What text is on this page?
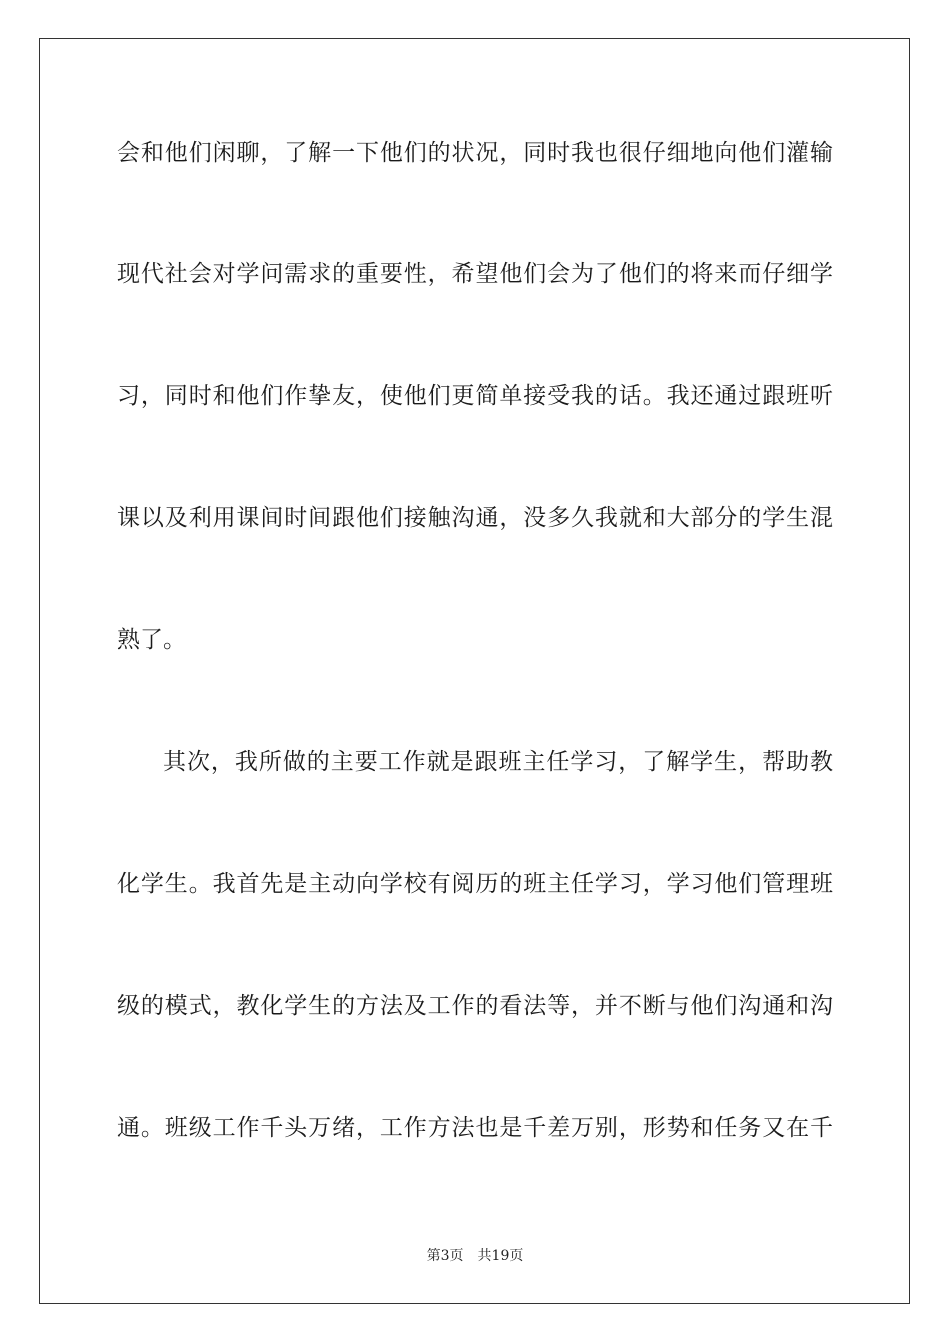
会和他们闲聊，了解一下他们的状况，同时我也很仔细地向他们灌输
现代社会对学问需求的重要性，希望他们会为了他们的将来而仔细学
习，同时和他们作挚友，使他们更简单接受我的话。我还通过跟班听
课以及利用课间时间跟他们接触沟通，没多久我就和大部分的学生混
熟了。
其次，我所做的主要工作就是跟班主任学习，了解学生，帮助教
化学生。我首先是主动向学校有阅历的班主任学习，学习他们管理班
级的模式，教化学生的方法及工作的看法等，并不断与他们沟通和沟
通。班级工作千头万绪，工作方法也是千差万别，形势和任务又在千
第3页 共19页
